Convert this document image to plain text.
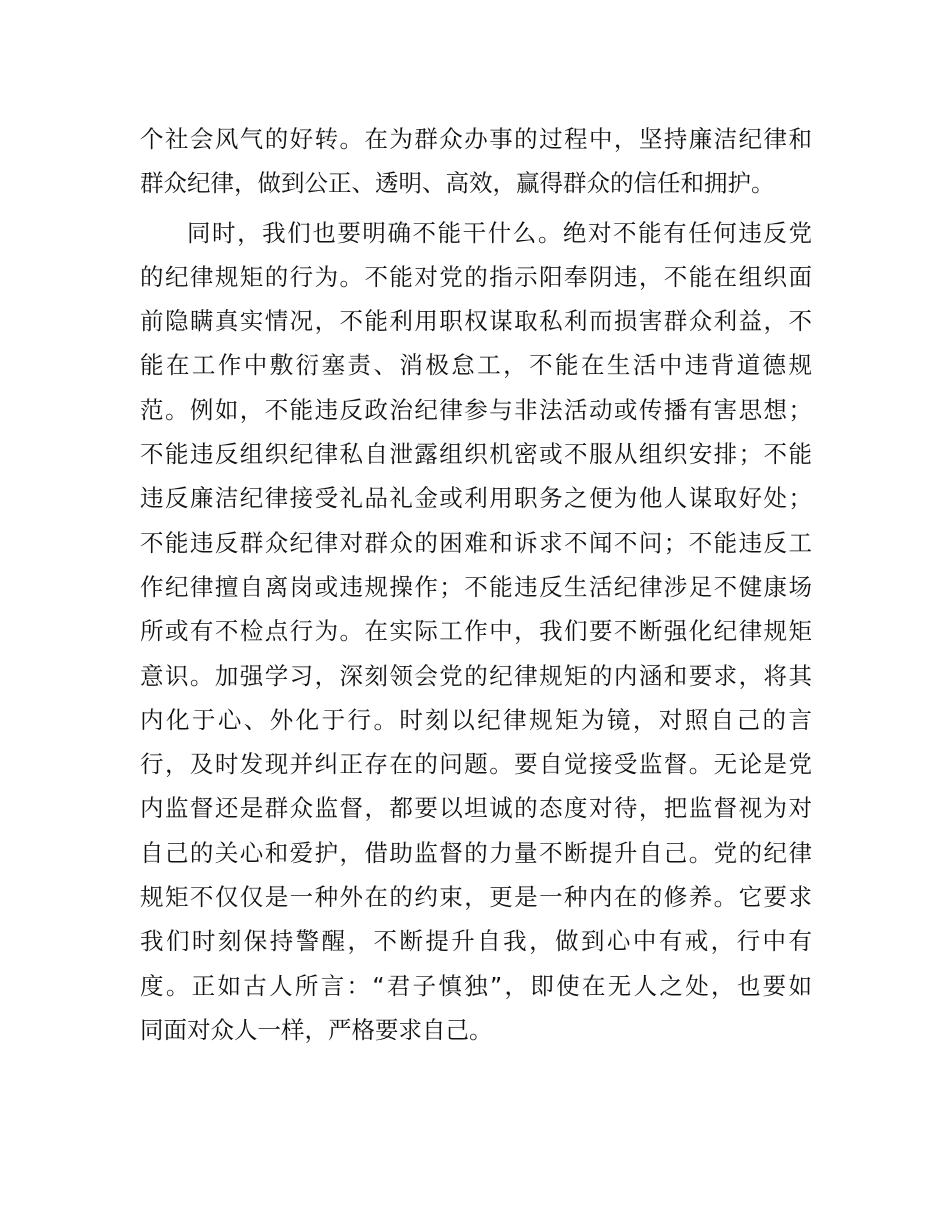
个社会风气的好转。在为群众办事的过程中，坚持廉洁纪律和
群众纪律，做到公正、透明、高效，赢得群众的信任和拥护。
同时，我们也要明确不能干什么。绝对不能有任何违反党
的纪律规矩的行为。不能对党的指示阳奉阴违，不能在组织面
前隐瞒真实情况，不能利用职权谋取私利而损害群众利益，不
能在工作中敷衍塞责、消极怠工，不能在生活中违背道德规
范。例如，不能违反政治纪律参与非法活动或传播有害思想；
不能违反组织纪律私自泄露组织机密或不服从组织安排；不能
违反廉洁纪律接受礼品礼金或利用职务之便为他人谋取好处；
不能违反群众纪律对群众的困难和诉求不闻不问；不能违反工
作纪律擅自离岗或违规操作；不能违反生活纪律涉足不健康场
所或有不检点行为。在实际工作中，我们要不断强化纪律规矩
意识。加强学习，深刻领会党的纪律规矩的内涵和要求，将其
内化于心、外化于行。时刻以纪律规矩为镜，对照自己的言
行，及时发现并纠正存在的问题。要自觉接受监督。无论是党
内监督还是群众监督，都要以坦诚的态度对待，把监督视为对
自己的关心和爱护，借助监督的力量不断提升自己。党的纪律
规矩不仅仅是一种外在的约束，更是一种内在的修养。它要求
我们时刻保持警醒，不断提升自我，做到心中有戒，行中有
度。正如古人所言：“君子慎独”，即使在无人之处，也要如
同面对众人一样，严格要求自己。
